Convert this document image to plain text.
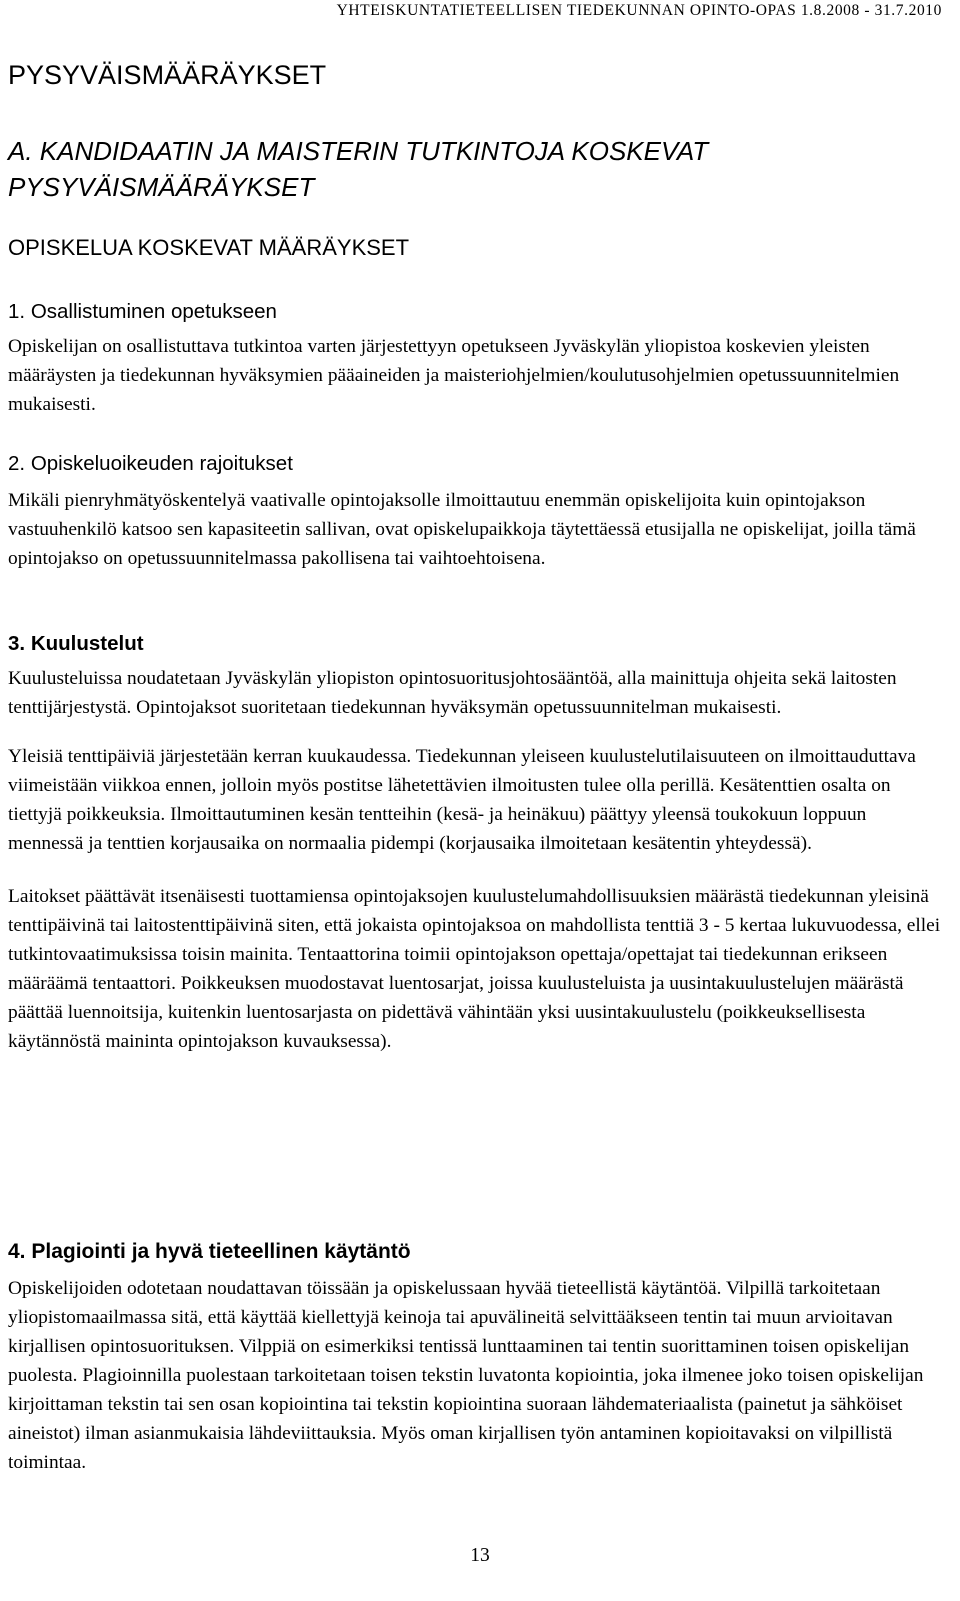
YHTEISKUNTATIETEELLISEN TIEDEKUNNAN OPINTO-OPAS 1.8.2008 - 31.7.2010
PYSYVÄISMÄÄRÄYKSET
A. KANDIDAATIN JA MAISTERIN TUTKINTOJA KOSKEVAT PYSYVÄISMÄÄRÄYKSET
OPISKELUA KOSKEVAT MÄÄRÄYKSET
1. Osallistuminen opetukseen

Opiskelijan on osallistuttava tutkintoa varten järjestettyyn opetukseen Jyväskylän yliopistoa koskevien yleisten määräysten ja tiedekunnan hyväksymien pääaineiden ja maisteriohjelmien/koulutusohjelmien opetussuunnitelmien mukaisesti.

2. Opiskeluoikeuden rajoitukset

Mikäli pienryhmätyöskentelyä vaativalle opintojaksolle ilmoittautuu enemmän opiskelijoita kuin opintojakson vastuuhenkilö katsoo sen kapasiteetin sallivan, ovat opiskelupaikkoja täytettäessä etusijalla ne opiskelijat, joilla tämä opintojakso on opetussuunnitelmassa pakollisena tai vaihtoehtoisena.

3. Kuulustelut

Kuulusteluissa noudatetaan Jyväskylän yliopiston opintosuoritusjohtosääntöä, alla mainittuja ohjeita sekä laitosten tenttijärjestystä. Opintojaksot suoritetaan tiedekunnan hyväksymän opetussuunnitelman mukaisesti.

Yleisiä tenttipäiviä järjestetään kerran kuukaudessa. Tiedekunnan yleiseen kuulustelutilaisuuteen on ilmoittauduttava viimeistään viikkoa ennen, jolloin myös postitse lähetettävien ilmoitusten tulee olla perillä. Kesätenttien osalta on tiettyjä poikkeuksia. Ilmoittautuminen kesän tentteihin (kesä- ja heinäkuu) päättyy yleensä toukokuun loppuun mennessä ja tenttien korjausaika on normaalia pidempi (korjausaika ilmoitetaan kesätentin yhteydessä).

Laitokset päättävät itsenäisesti tuottamiensa opintojaksojen kuulustelumahdollisuuksien määrästä tiedekunnan yleisinä tenttipäivinä tai laitostenttipäivinä siten, että jokaista opintojaksoa on mahdollista tenttiä 3 - 5 kertaa lukuvuodessa, ellei tutkintovaatimuksissa toisin mainita. Tentaattorina toimii opintojakson opettaja/opettajat tai tiedekunnan erikseen määräämä tentaattori. Poikkeuksen muodostavat luentosarjat, joissa kuulusteluista ja uusintakuulustelujen määrästä päättää luennoitsija, kuitenkin luentosarjasta on pidettävä vähintään yksi uusintakuulustelu (poikkeuksellisesta käytännöstä maininta opintojakson kuvauksessa).

4. Plagiointi ja hyvä tieteellinen käytäntö

Opiskelijoiden odotetaan noudattavan töissään ja opiskelussaan hyvää tieteellistä käytäntöä. Vilpillä tarkoitetaan yliopistomaailmassa sitä, että käyttää kiellettyjä keinoja tai apuvälineitä selvittääkseen tentin tai muun arvioitavan kirjallisen opintosuorituksen. Vilppiä on esimerkiksi tentissä lunttaaminen tai tentin suorittaminen toisen opiskelijan puolesta. Plagioinnilla puolestaan tarkoitetaan toisen tekstin luvatonta kopiointia, joka ilmenee joko toisen opiskelijan kirjoittaman tekstin tai sen osan kopiointina tai tekstin kopiointina suoraan lähdemateriaalista (painetut ja sähköiset aineistot) ilman asianmukaisia lähdeviittauksia. Myös oman kirjallisen työn antaminen kopioitavaksi on vilpillistä toimintaa.

13
